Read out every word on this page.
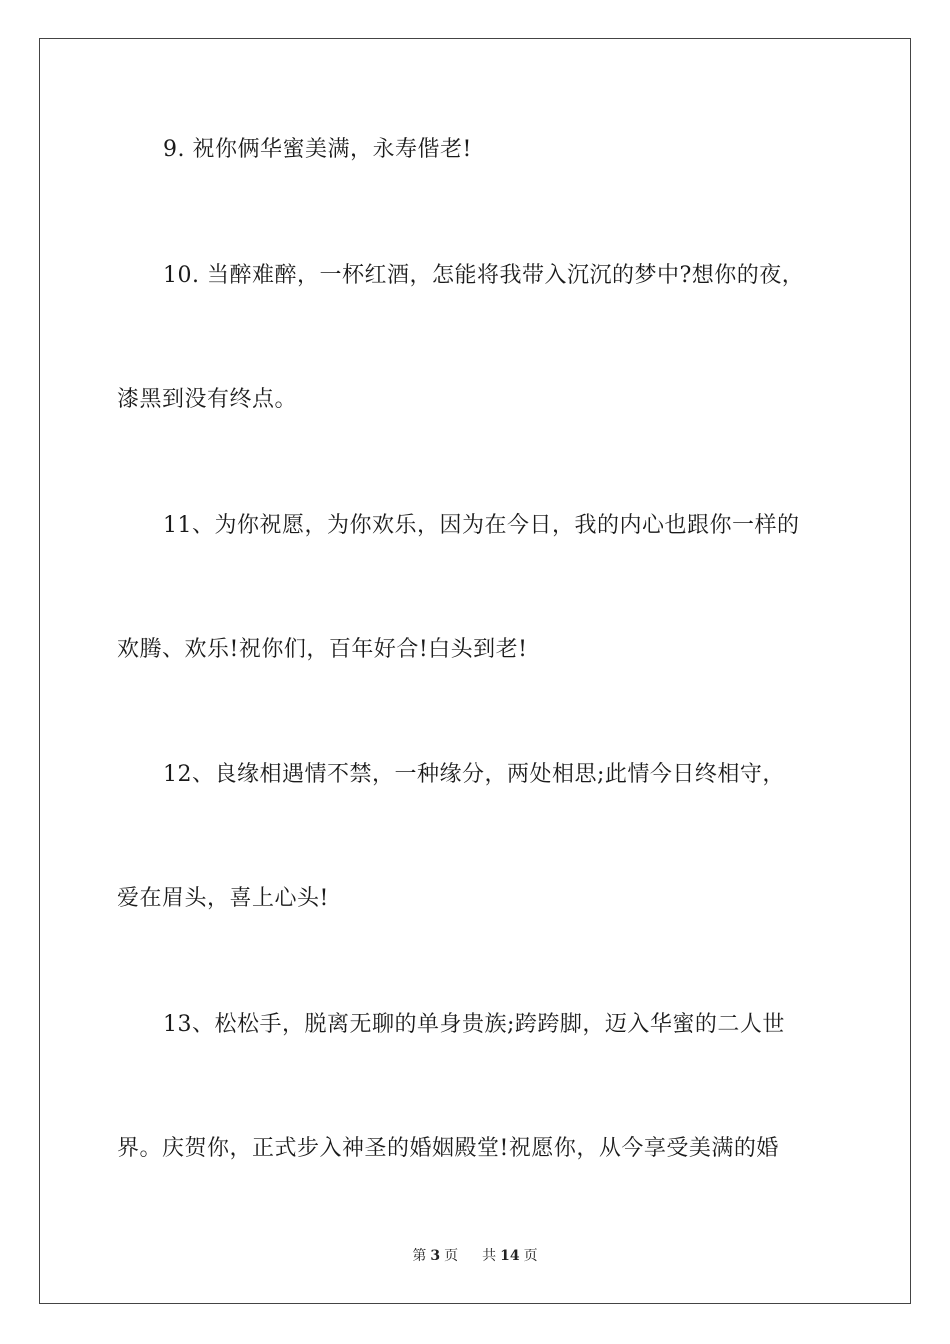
9. 祝你俩华蜜美满，永寿偕老!
10. 当醉难醉，一杯红酒，怎能将我带入沉沉的梦中?想你的夜，
漆黑到没有终点。
11、为你祝愿，为你欢乐，因为在今日，我的内心也跟你一样的
欢腾、欢乐!祝你们，百年好合!白头到老!
12、良缘相遇情不禁，一种缘分，两处相思;此情今日终相守，
爱在眉头，喜上心头!
13、松松手，脱离无聊的单身贵族;跨跨脚，迈入华蜜的二人世
界。庆贺你，正式步入神圣的婚姻殿堂!祝愿你，从今享受美满的婚
第 3 页 共 14 页
